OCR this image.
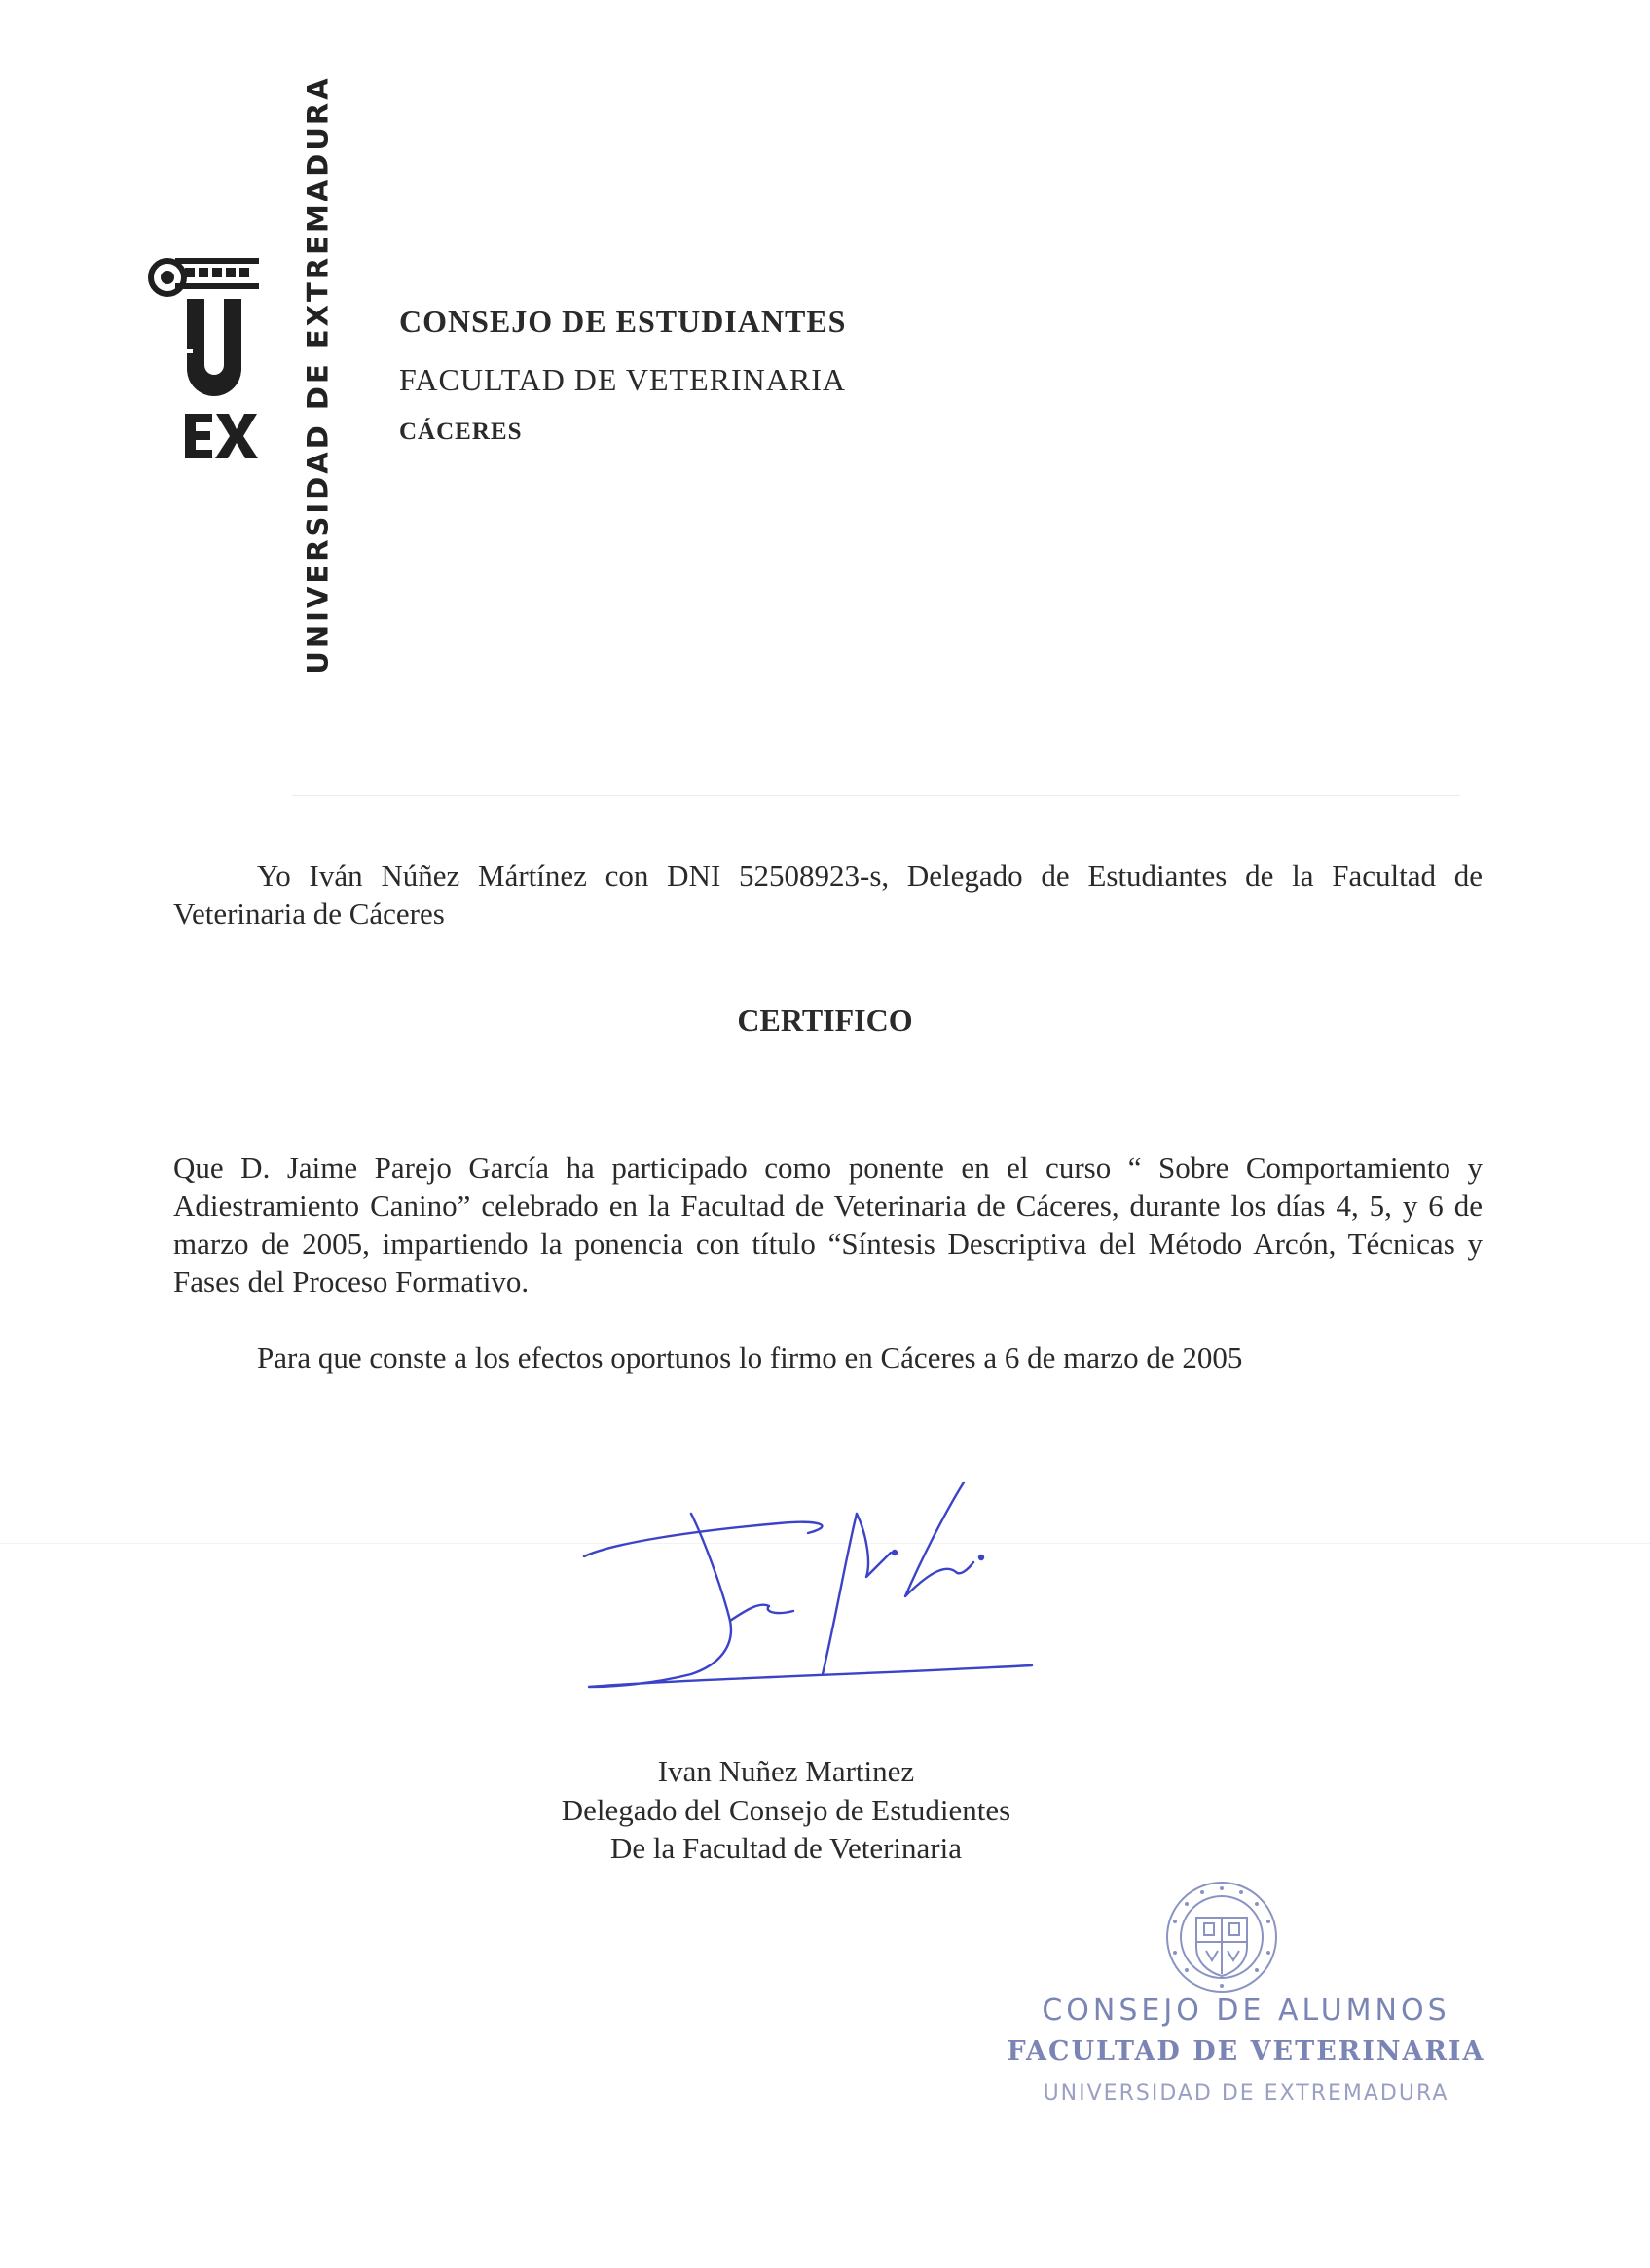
UNIVERSIDAD DE EXTREMADURA CONSEJO DE ESTUDIANTES
FACULTAD DE VETERINARIA
CÁCERES
Yo Iván Núñez Mártínez con DNI 52508923-s, Delegado de Estudiantes de la Facultad de Veterinaria de Cáceres
CERTIFICO
Que D. Jaime Parejo García ha participado como ponente en el curso “ Sobre Comportamiento y Adiestramiento Canino” celebrado en la Facultad de Veterinaria de Cáceres, durante los días 4, 5, y 6 de marzo de 2005, impartiendo la ponencia con título “Síntesis Descriptiva del Método Arcón, Técnicas y Fases del Proceso Formativo.
Para que conste a los efectos oportunos lo firmo en Cáceres a 6 de marzo de 2005
Ivan Nuñez Martinez
Delegado del Consejo de Estudientes
De la Facultad de Veterinaria
CONSEJO DE ALUMNOS
FACULTAD DE VETERINARIA
UNIVERSIDAD DE EXTREMADURA
